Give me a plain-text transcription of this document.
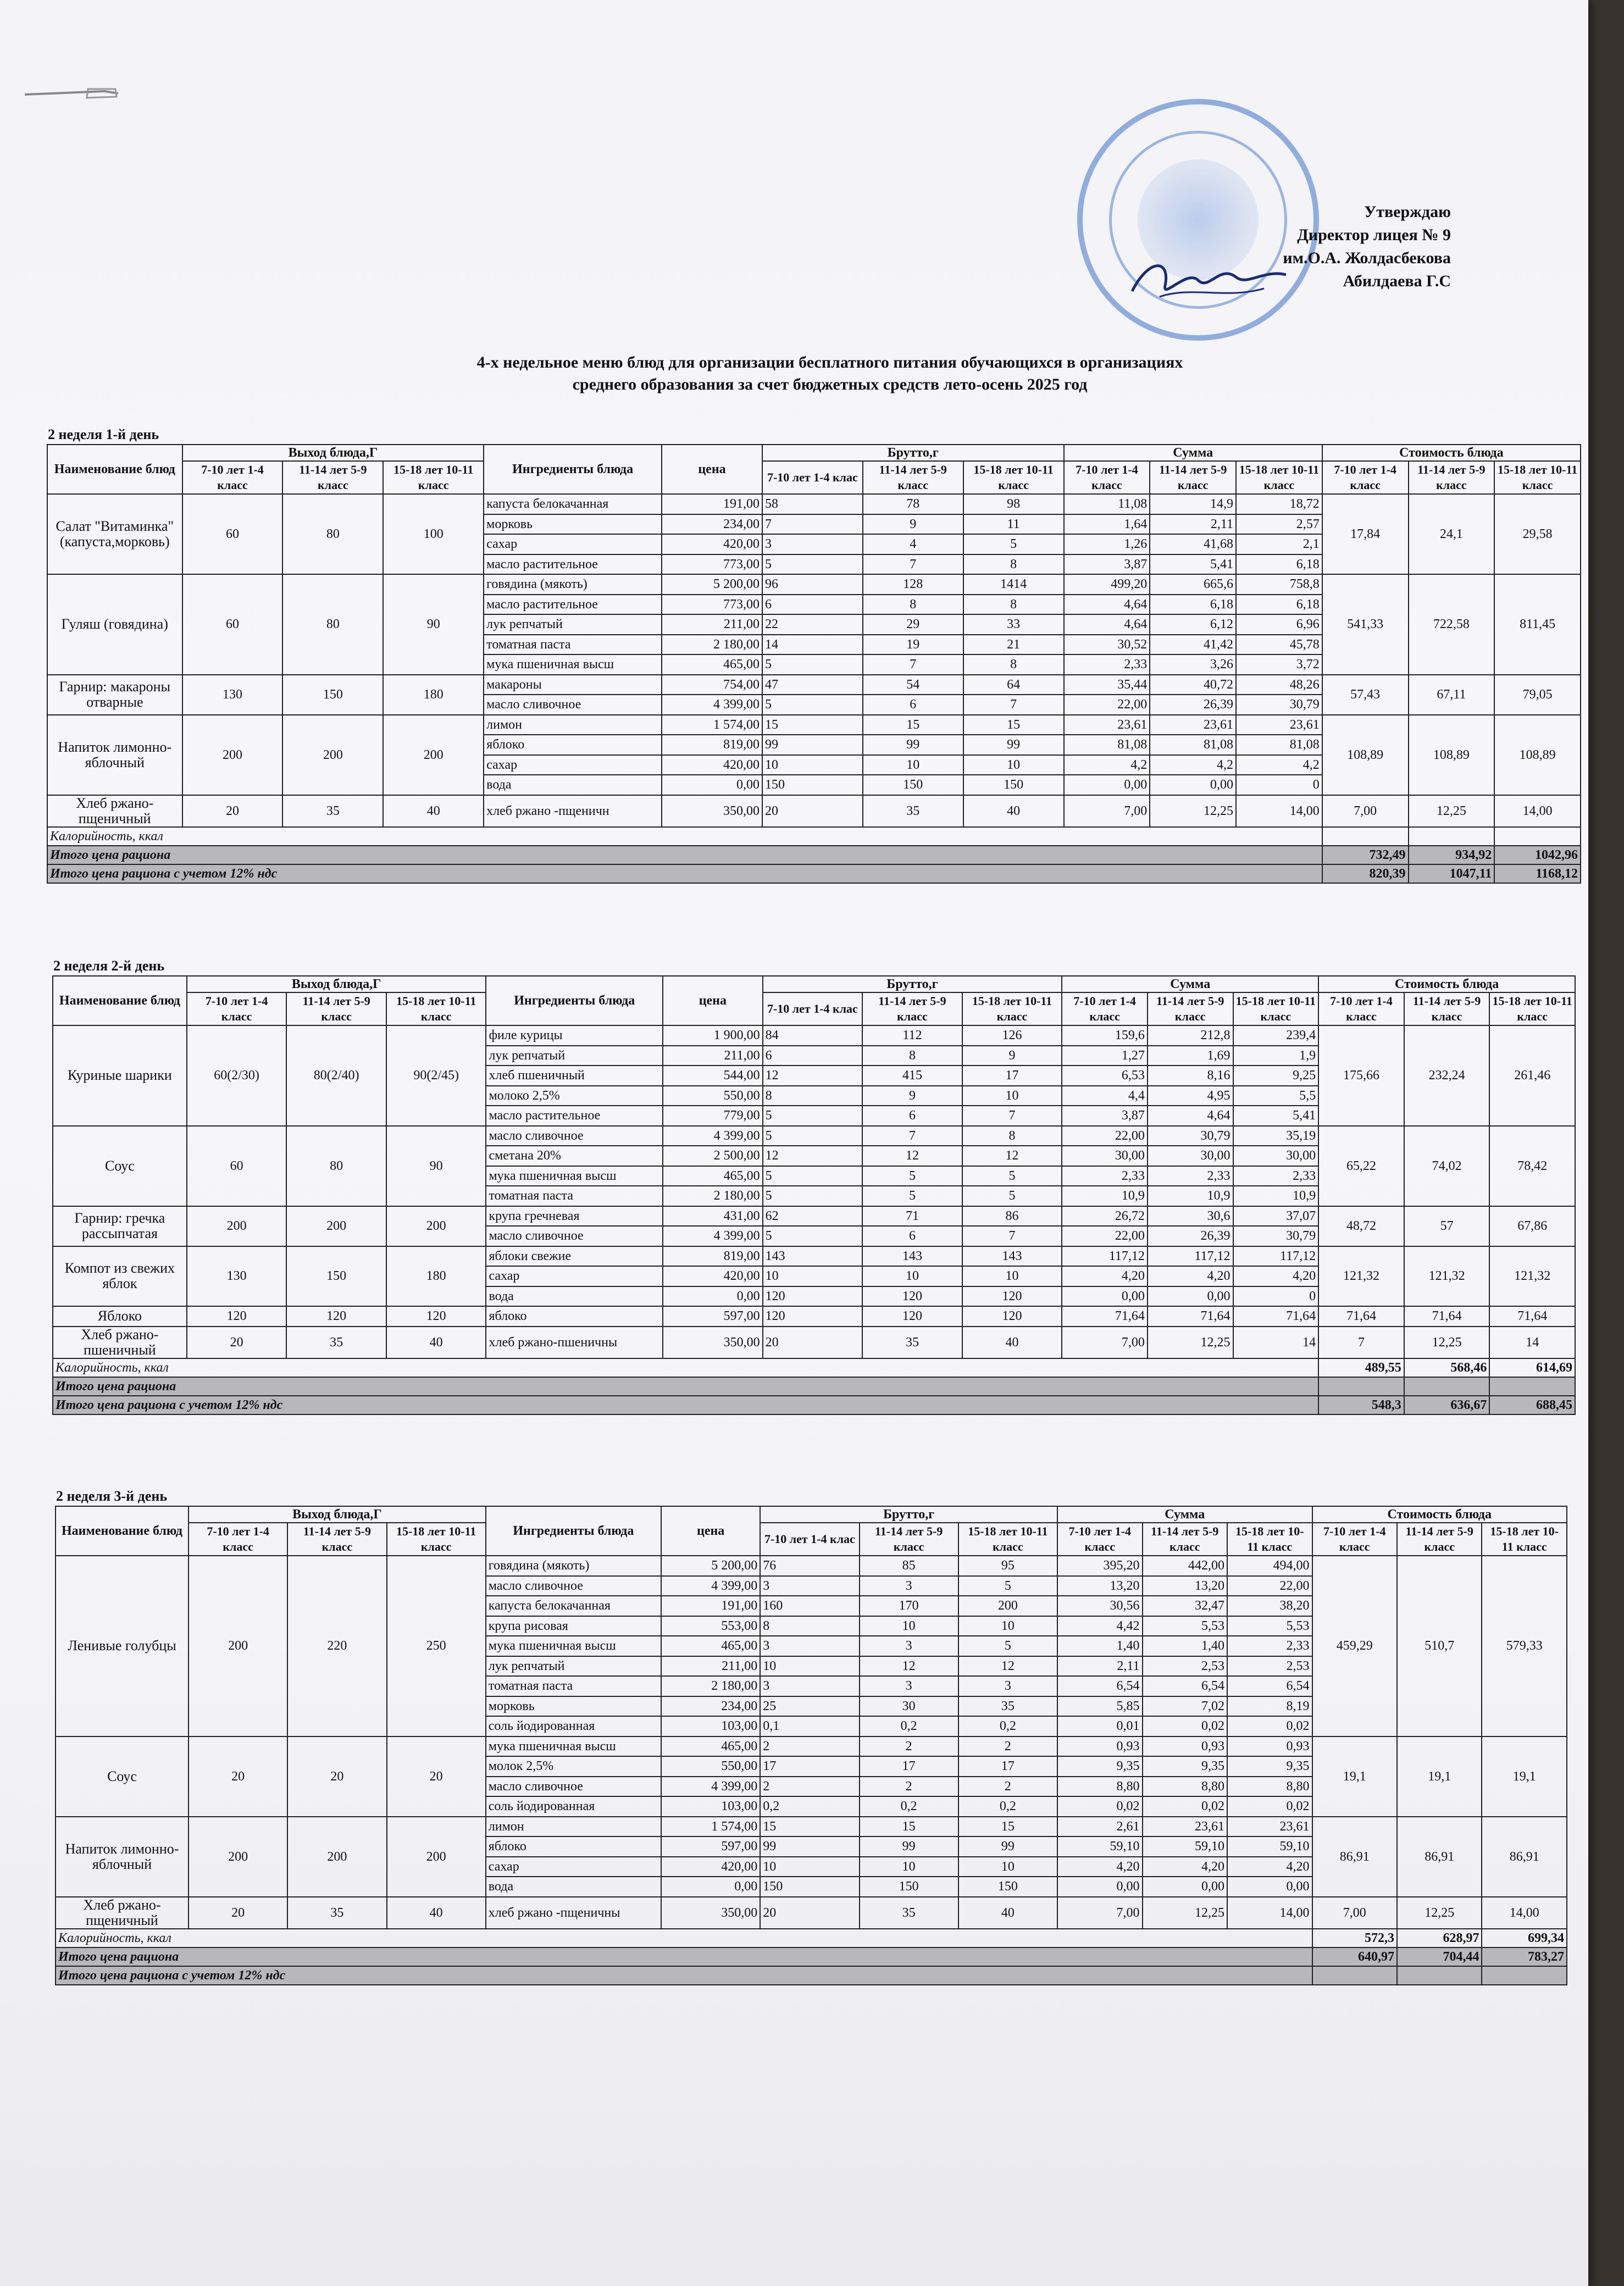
Утверждаю
Директор лицея № 9
им.О.А. Жолдасбекова
Абилдаева Г.С
4-х недельное меню блюд для организации бесплатного питания обучающихся в организациях
среднего образования за счет бюджетных средств лето-осень 2025 год
2 неделя 1-й день
Наименование блюд	Выход блюда,Г			Ингредиенты блюда	цена	Брутто,г			Сумма			Стоимость блюда		
	7-10 лет 1-4 класс	11-14 лет 5-9 класс	15-18 лет 10-11 класс			7-10 лет 1-4 клас	11-14 лет 5-9 класс	15-18 лет 10-11 класс	7-10 лет 1-4 класс	11-14 лет 5-9 класс	15-18 лет 10-11 класс	7-10 лет 1-4 класс	11-14 лет 5-9 класс	15-18 лет 10-11 класс
Салат "Витаминка" (капуста,морковь)	60	80	100	капуста белокачанная	191,00	58	78	98	11,08	14,9	18,72	17,84	24,1	29,58
				морковь	234,00	7	9	11	1,64	2,11	2,57			
				сахар	420,00	3	4	5	1,26	41,68	2,1			
				масло растительное	773,00	5	7	8	3,87	5,41	6,18			
Гуляш (говядина)	60	80	90	говядина (мякоть)	5 200,00	96	128	1414	499,20	665,6	758,8	541,33	722,58	811,45
				масло растительное	773,00	6	8	8	4,64	6,18	6,18			
				лук репчатый	211,00	22	29	33	4,64	6,12	6,96			
				томатная паста	2 180,00	14	19	21	30,52	41,42	45,78			
				мука пшеничная высш	465,00	5	7	8	2,33	3,26	3,72			
Гарнир: макароны отварные	130	150	180	макароны	754,00	47	54	64	35,44	40,72	48,26	57,43	67,11	79,05
				масло сливочное	4 399,00	5	6	7	22,00	26,39	30,79			
Напиток лимонно-яблочный	200	200	200	лимон	1 574,00	15	15	15	23,61	23,61	23,61	108,89	108,89	108,89
				яблоко	819,00	99	99	99	81,08	81,08	81,08			
				сахар	420,00	10	10	10	4,2	4,2	4,2			
				вода	0,00	150	150	150	0,00	0,00	0			
Хлеб ржано-пщеничный	20	35	40	хлеб ржано -пщеничн	350,00	20	35	40	7,00	12,25	14,00	7,00	12,25	14,00
Калорийность, ккал														
Итого цена рациона												732,49	934,92	1042,96
Итого цена рациона с учетом 12% ндс												820,39	1047,11	1168,12
2 неделя 2-й день
Наименование блюд	Выход блюда,Г			Ингредиенты блюда	цена	Брутто,г			Сумма			Стоимость блюда		
	7-10 лет 1-4 класс	11-14 лет 5-9 класс	15-18 лет 10-11 класс			7-10 лет 1-4 клас	11-14 лет 5-9 класс	15-18 лет 10-11 класс	7-10 лет 1-4 класс	11-14 лет 5-9 класс	15-18 лет 10-11 класс	7-10 лет 1-4 класс	11-14 лет 5-9 класс	15-18 лет 10-11 класс
Куриные шарики	60(2/30)	80(2/40)	90(2/45)	филе курицы	1 900,00	84	112	126	159,6	212,8	239,4	175,66	232,24	261,46
				лук репчатый	211,00	6	8	9	1,27	1,69	1,9			
				хлеб пшеничный	544,00	12	415	17	6,53	8,16	9,25			
				молоко 2,5%	550,00	8	9	10	4,4	4,95	5,5			
				масло растительное	779,00	5	6	7	3,87	4,64	5,41			
Соус	60	80	90	масло сливочное	4 399,00	5	7	8	22,00	30,79	35,19	65,22	74,02	78,42
				сметана 20%	2 500,00	12	12	12	30,00	30,00	30,00			
				мука пшеничная высш	465,00	5	5	5	2,33	2,33	2,33			
				томатная паста	2 180,00	5	5	5	10,9	10,9	10,9			
Гарнир: гречка рассыпчатая	200	200	200	крупа гречневая	431,00	62	71	86	26,72	30,6	37,07	48,72	57	67,86
				масло сливочное	4 399,00	5	6	7	22,00	26,39	30,79			
Компот из свежих яблок	130	150	180	яблоки свежие	819,00	143	143	143	117,12	117,12	117,12	121,32	121,32	121,32
				сахар	420,00	10	10	10	4,20	4,20	4,20			
				вода	0,00	120	120	120	0,00	0,00	0			
Яблоко	120	120	120	яблоко	597,00	120	120	120	71,64	71,64	71,64	71,64	71,64	71,64
Хлеб ржано-пшеничный	20	35	40	хлеб ржано-пшеничны	350,00	20	35	40	7,00	12,25	14	7	12,25	14
Калорийность, ккал												489,55	568,46	614,69
Итого цена рациона														
Итого цена рациона с учетом 12% ндс												548,3	636,67	688,45
2 неделя 3-й день
Наименование блюд	Выход блюда,Г			Ингредиенты блюда	цена	Брутто,г			Сумма			Стоимость блюда		
	7-10 лет 1-4 класс	11-14 лет 5-9 класс	15-18 лет 10-11 класс			7-10 лет 1-4 клас	11-14 лет 5-9 класс	15-18 лет 10-11 класс	7-10 лет 1-4 класс	11-14 лет 5-9 класс	15-18 лет 10-11 класс	7-10 лет 1-4 класс	11-14 лет 5-9 класс	15-18 лет 10-11 класс
Ленивые голубцы	200	220	250	говядина (мякоть)	5 200,00	76	85	95	395,20	442,00	494,00	459,29	510,7	579,33
				масло сливочное	4 399,00	3	3	5	13,20	13,20	22,00			
				капуста белокачанная	191,00	160	170	200	30,56	32,47	38,20			
				крупа рисовая	553,00	8	10	10	4,42	5,53	5,53			
				мука пшеничная высш	465,00	3	3	5	1,40	1,40	2,33			
				лук репчатый	211,00	10	12	12	2,11	2,53	2,53			
				томатная паста	2 180,00	3	3	3	6,54	6,54	6,54			
				морковь	234,00	25	30	35	5,85	7,02	8,19			
				соль йодированная	103,00	0,1	0,2	0,2	0,01	0,02	0,02			
Соус	20	20	20	мука пшеничная высш	465,00	2	2	2	0,93	0,93	0,93	19,1	19,1	19,1
				молок 2,5%	550,00	17	17	17	9,35	9,35	9,35			
				масло сливочное	4 399,00	2	2	2	8,80	8,80	8,80			
				соль йодированная	103,00	0,2	0,2	0,2	0,02	0,02	0,02			
Напиток лимонно-яблочный	200	200	200	лимон	1 574,00	15	15	15	2,61	23,61	23,61	86,91	86,91	86,91
				яблоко	597,00	99	99	99	59,10	59,10	59,10			
				сахар	420,00	10	10	10	4,20	4,20	4,20			
				вода	0,00	150	150	150	0,00	0,00	0,00			
Хлеб ржано-пщеничный	20	35	40	хлеб ржано -пщеничны	350,00	20	35	40	7,00	12,25	14,00	7,00	12,25	14,00
Калорийность, ккал												572,3	628,97	699,34
Итого цена рациона												640,97	704,44	783,27
Итого цена рациона с учетом 12% ндс														
